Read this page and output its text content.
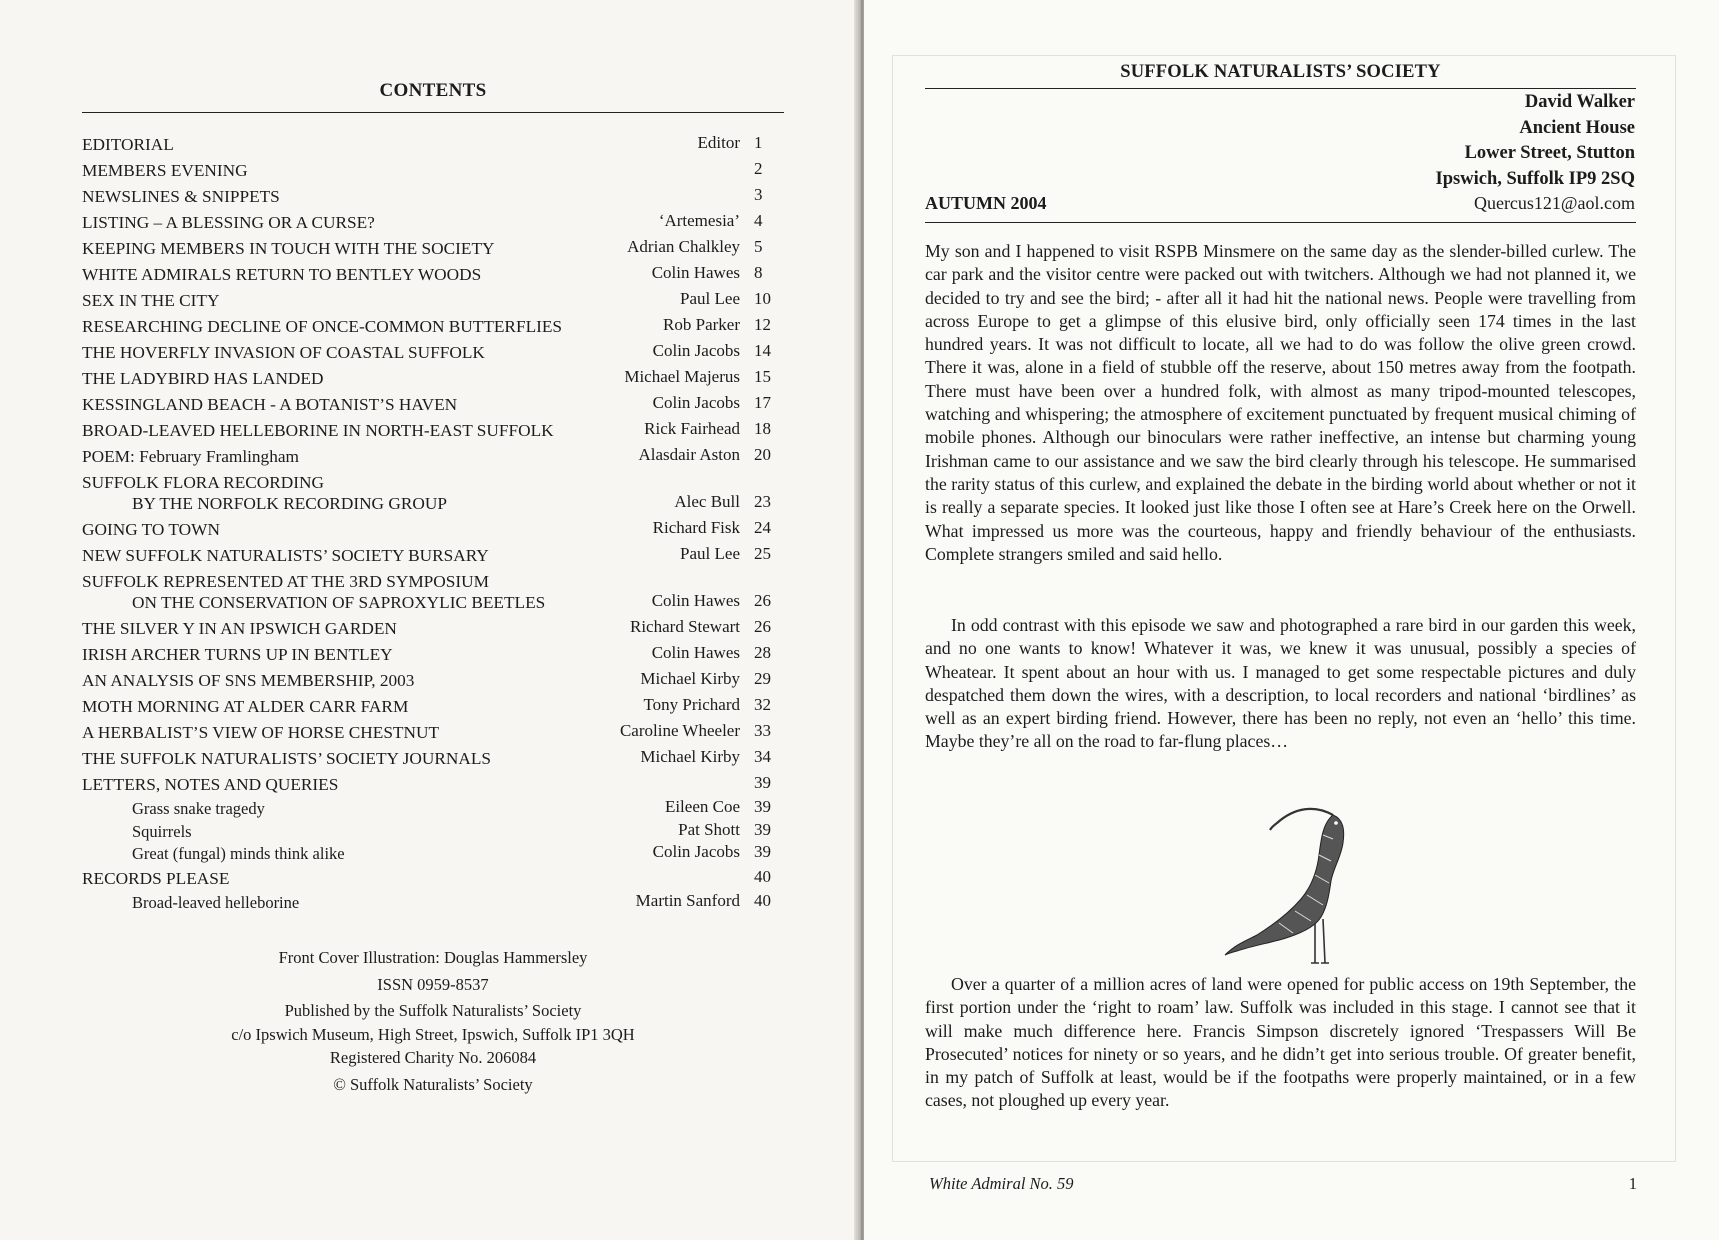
CONTENTS
EDITORIAL	Editor 1
MEMBERS EVENING	2
NEWSLINES & SNIPPETS	3
LISTING – A BLESSING OR A CURSE?	‘Artemesia’ 4
KEEPING MEMBERS IN TOUCH WITH THE SOCIETY	Adrian Chalkley 5
WHITE ADMIRALS RETURN TO BENTLEY WOODS	Colin Hawes 8
SEX IN THE CITY	Paul Lee 10
RESEARCHING DECLINE OF ONCE-COMMON BUTTERFLIES	Rob Parker 12
THE HOVERFLY INVASION OF COASTAL SUFFOLK	Colin Jacobs 14
THE LADYBIRD HAS LANDED	Michael Majerus 15
KESSINGLAND BEACH - A BOTANIST’S HAVEN	Colin Jacobs 17
BROAD-LEAVED HELLEBORINE IN NORTH-EAST SUFFOLK	Rick Fairhead 18
POEM: February Framlingham	Alasdair Aston 20
SUFFOLK FLORA RECORDING
BY THE NORFOLK RECORDING GROUP	Alec Bull 23
GOING TO TOWN	Richard Fisk 24
NEW SUFFOLK NATURALISTS’ SOCIETY BURSARY	Paul Lee 25
SUFFOLK REPRESENTED AT THE 3RD SYMPOSIUM
ON THE CONSERVATION OF SAPROXYLIC BEETLES	Colin Hawes 26
THE SILVER Y IN AN IPSWICH GARDEN	Richard Stewart 26
IRISH ARCHER TURNS UP IN BENTLEY	Colin Hawes 28
AN ANALYSIS OF SNS MEMBERSHIP, 2003	Michael Kirby 29
MOTH MORNING AT ALDER CARR FARM	Tony Prichard 32
A HERBALIST’S VIEW OF HORSE CHESTNUT	Caroline Wheeler 33
THE SUFFOLK NATURALISTS’ SOCIETY JOURNALS	Michael Kirby 34
LETTERS, NOTES AND QUERIES	39
Grass snake tragedy	Eileen Coe 39
Squirrels	Pat Shott 39
Great (fungal) minds think alike	Colin Jacobs 39
RECORDS PLEASE	40
Broad-leaved helleborine	Martin Sanford 40
Front Cover Illustration: Douglas Hammersley
ISSN 0959-8537
Published by the Suffolk Naturalists’ Society
c/o Ipswich Museum, High Street, Ipswich, Suffolk IP1 3QH
Registered Charity No. 206084
© Suffolk Naturalists’ Society
SUFFOLK NATURALISTS’ SOCIETY
David Walker
Ancient House
Lower Street, Stutton
Ipswich, Suffolk IP9 2SQ
AUTUMN 2004	Quercus121@aol.com

My son and I happened to visit RSPB Minsmere on the same day as the slender-billed curlew. The car park and the visitor centre were packed out with twitchers. Although we had not planned it, we decided to try and see the bird; - after all it had hit the national news. People were travelling from across Europe to get a glimpse of this elusive bird, only officially seen 174 times in the last hundred years. It was not difficult to locate, all we had to do was follow the olive green crowd. There it was, alone in a field of stubble off the reserve, about 150 metres away from the footpath. There must have been over a hundred folk, with almost as many tripod-mounted telescopes, watching and whispering; the atmosphere of excitement punctuated by frequent musical chiming of mobile phones. Although our binoculars were rather ineffective, an intense but charming young Irishman came to our assistance and we saw the bird clearly through his telescope. He summarised the rarity status of this curlew, and explained the debate in the birding world about whether or not it is really a separate species. It looked just like those I often see at Hare’s Creek here on the Orwell. What impressed us more was the courteous, happy and friendly behaviour of the enthusiasts. Complete strangers smiled and said hello.

In odd contrast with this episode we saw and photographed a rare bird in our garden this week, and no one wants to know! Whatever it was, we knew it was unusual, possibly a species of Wheatear. It spent about an hour with us. I managed to get some respectable pictures and duly despatched them down the wires, with a description, to local recorders and national ‘birdlines’ as well as an expert birding friend. However, there has been no reply, not even an ‘hello’ this time. Maybe they’re all on the road to far-flung places…

Over a quarter of a million acres of land were opened for public access on 19th September, the first portion under the ‘right to roam’ law. Suffolk was included in this stage. I cannot see that it will make much difference here. Francis Simpson discretely ignored ‘Trespassers Will Be Prosecuted’ notices for ninety or so years, and he didn’t get into serious trouble. Of greater benefit, in my patch of Suffolk at least, would be if the footpaths were properly maintained, or in a few cases, not ploughed up every year.

White Admiral No. 59	1
